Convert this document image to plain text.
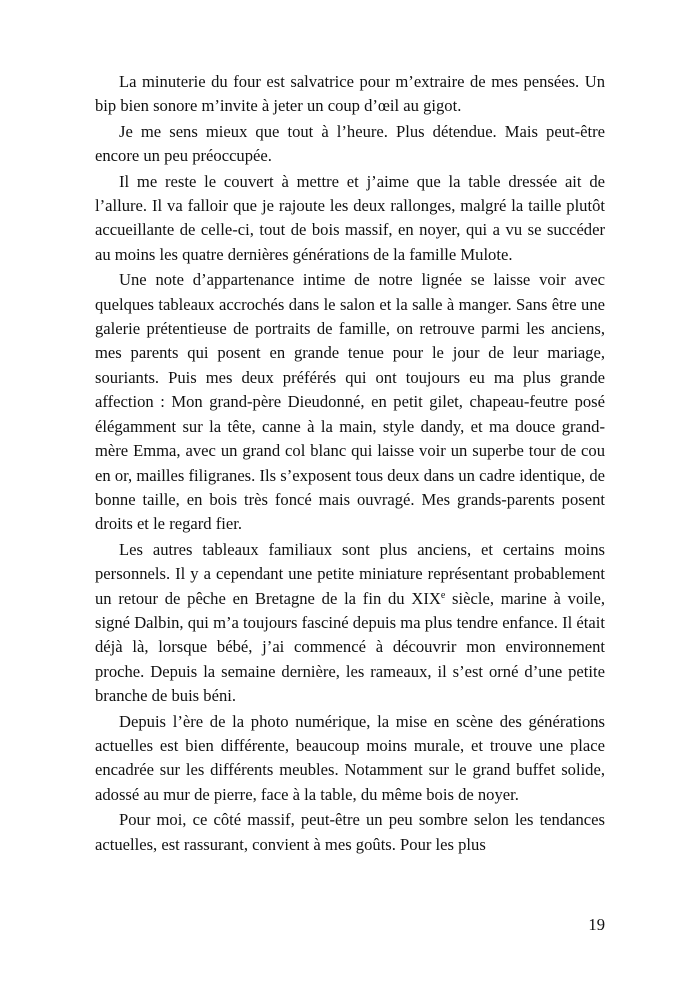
La minuterie du four est salvatrice pour m’extraire de mes pensées. Un bip bien sonore m’invite à jeter un coup d’œil au gigot.

Je me sens mieux que tout à l’heure. Plus détendue. Mais peut-être encore un peu préoccupée.

Il me reste le couvert à mettre et j’aime que la table dressée ait de l’allure. Il va falloir que je rajoute les deux rallonges, malgré la taille plutôt accueillante de celle-ci, tout de bois massif, en noyer, qui a vu se succéder au moins les quatre dernières générations de la famille Mulote.

Une note d’appartenance intime de notre lignée se laisse voir avec quelques tableaux accrochés dans le salon et la salle à manger. Sans être une galerie prétentieuse de portraits de famille, on retrouve parmi les anciens, mes parents qui posent en grande tenue pour le jour de leur mariage, souriants. Puis mes deux préférés qui ont toujours eu ma plus grande affection : Mon grand-père Dieudonné, en petit gilet, chapeau-feutre posé élégamment sur la tête, canne à la main, style dandy, et ma douce grand-mère Emma, avec un grand col blanc qui laisse voir un superbe tour de cou en or, mailles filigranes. Ils s’exposent tous deux dans un cadre identique, de bonne taille, en bois très foncé mais ouvragé. Mes grands-parents posent droits et le regard fier.

Les autres tableaux familiaux sont plus anciens, et certains moins personnels. Il y a cependant une petite miniature représentant probablement un retour de pêche en Bretagne de la fin du XIXe siècle, marine à voile, signé Dalbin, qui m’a toujours fasciné depuis ma plus tendre enfance. Il était déjà là, lorsque bébé, j’ai commencé à découvrir mon environnement proche. Depuis la semaine dernière, les rameaux, il s’est orné d’une petite branche de buis béni.

Depuis l’ère de la photo numérique, la mise en scène des générations actuelles est bien différente, beaucoup moins murale, et trouve une place encadrée sur les différents meubles. Notamment sur le grand buffet solide, adossé au mur de pierre, face à la table, du même bois de noyer.

Pour moi, ce côté massif, peut-être un peu sombre selon les tendances actuelles, est rassurant, convient à mes goûts. Pour les plus

19
